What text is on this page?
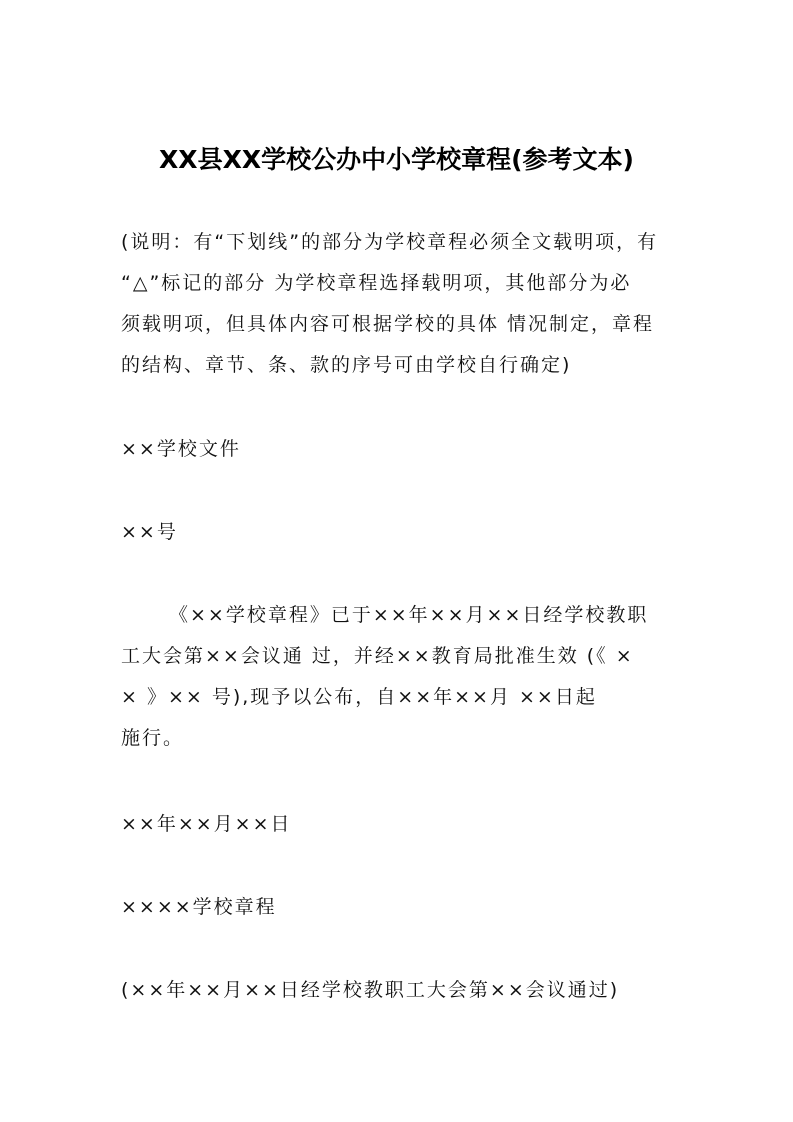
XX县XX学校公办中小学校章程(参考文本)
(说明：有“下划线”的部分为学校章程必须全文载明项，有
“△”标记的部分 为学校章程选择载明项，其他部分为必
须载明项，但具体内容可根据学校的具体 情况制定，章程
的结构、章节、条、款的序号可由学校自行确定)
××学校文件
××号
《××学校章程》已于××年××月××日经学校教职
工大会第××会议通 过，并经××教育局批准生效 (《 ×
× 》×× 号),现予以公布，自××年××月 ××日起
施行。
××年××月××日
××××学校章程
(××年××月××日经学校教职工大会第××会议通过)
